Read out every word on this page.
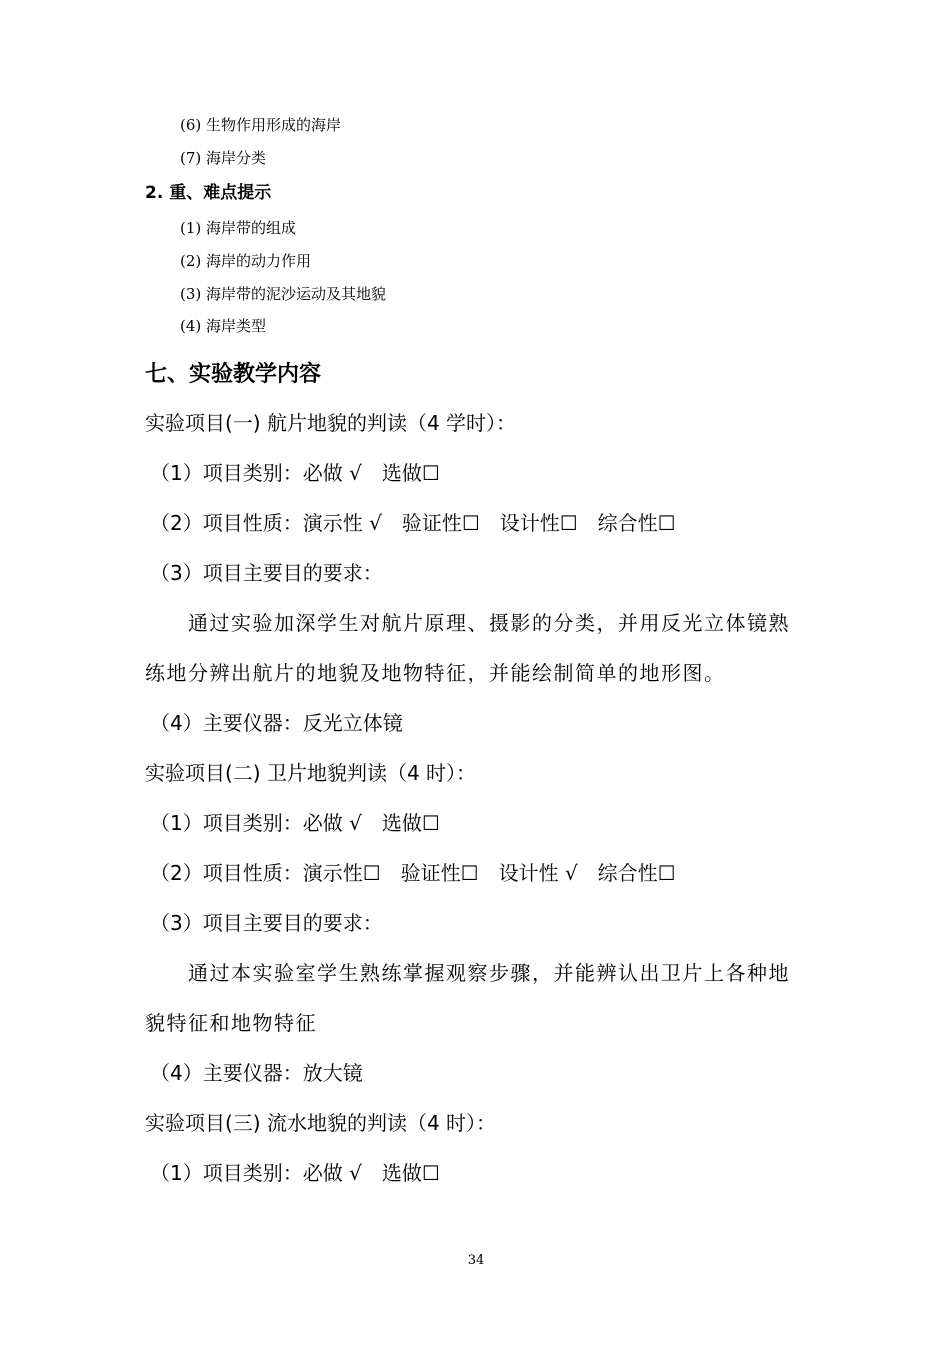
(6) 生物作用形成的海岸
(7) 海岸分类
2. 重、难点提示
(1) 海岸带的组成
(2) 海岸的动力作用
(3) 海岸带的泥沙运动及其地貌
(4) 海岸类型
七、实验教学内容
实验项目(一) 航片地貌的判读（4 学时）：
（1）项目类别：必做 √　选做☐
（2）项目性质：演示性 √　验证性☐　设计性☐　综合性☐
（3）项目主要目的要求：
通过实验加深学生对航片原理、摄影的分类，并用反光立体镜熟
练地分辨出航片的地貌及地物特征，并能绘制简单的地形图。
（4）主要仪器：反光立体镜
实验项目(二) 卫片地貌判读（4 时）：
（1）项目类别：必做 √　选做☐
（2）项目性质：演示性☐　验证性☐　设计性 √　综合性☐
（3）项目主要目的要求：
通过本实验室学生熟练掌握观察步骤，并能辨认出卫片上各种地
貌特征和地物特征
（4）主要仪器：放大镜
实验项目(三) 流水地貌的判读（4 时）：
（1）项目类别：必做 √　选做☐
34
